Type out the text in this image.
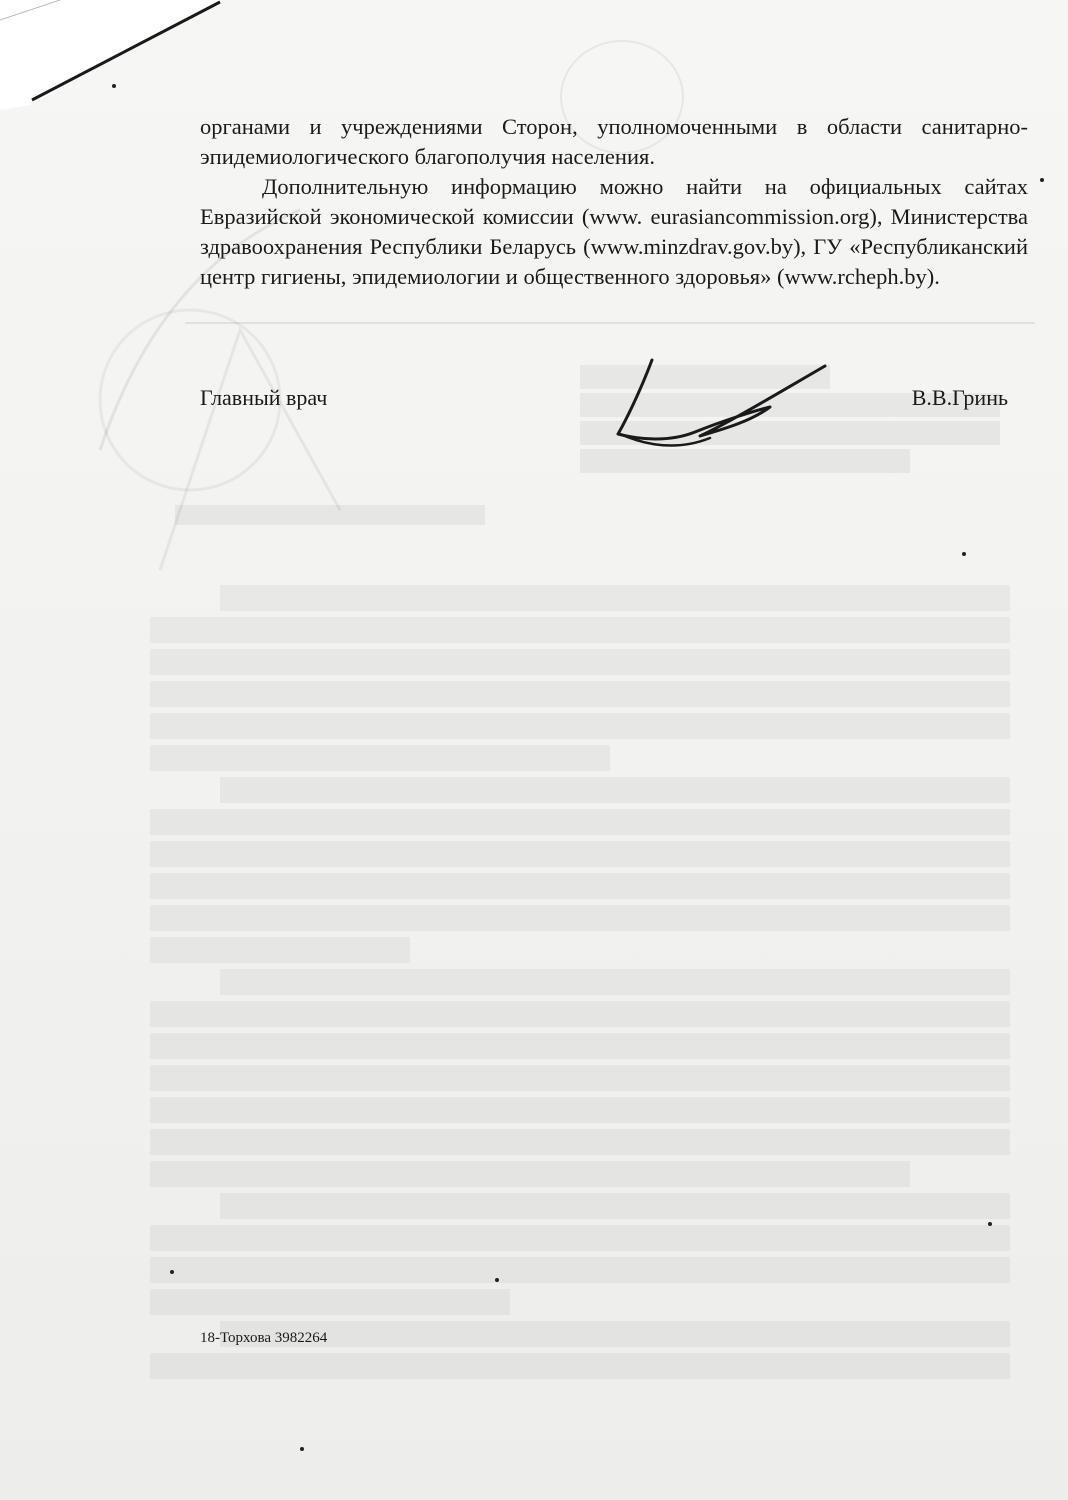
органами и учреждениями Сторон, уполномоченными в области санитарно-эпидемиологического благополучия населения.

Дополнительную информацию можно найти на официальных сайтах Евразийской экономической комиссии (www. eurasiancommission.org), Министерства здравоохранения Республики Беларусь (www.minzdrav.gov.by), ГУ «Республиканский центр гигиены, эпидемиологии и общественного здоровья» (www.rcheph.by).

Главный врач	В.В.Гринь
18-Торхова 3982264
